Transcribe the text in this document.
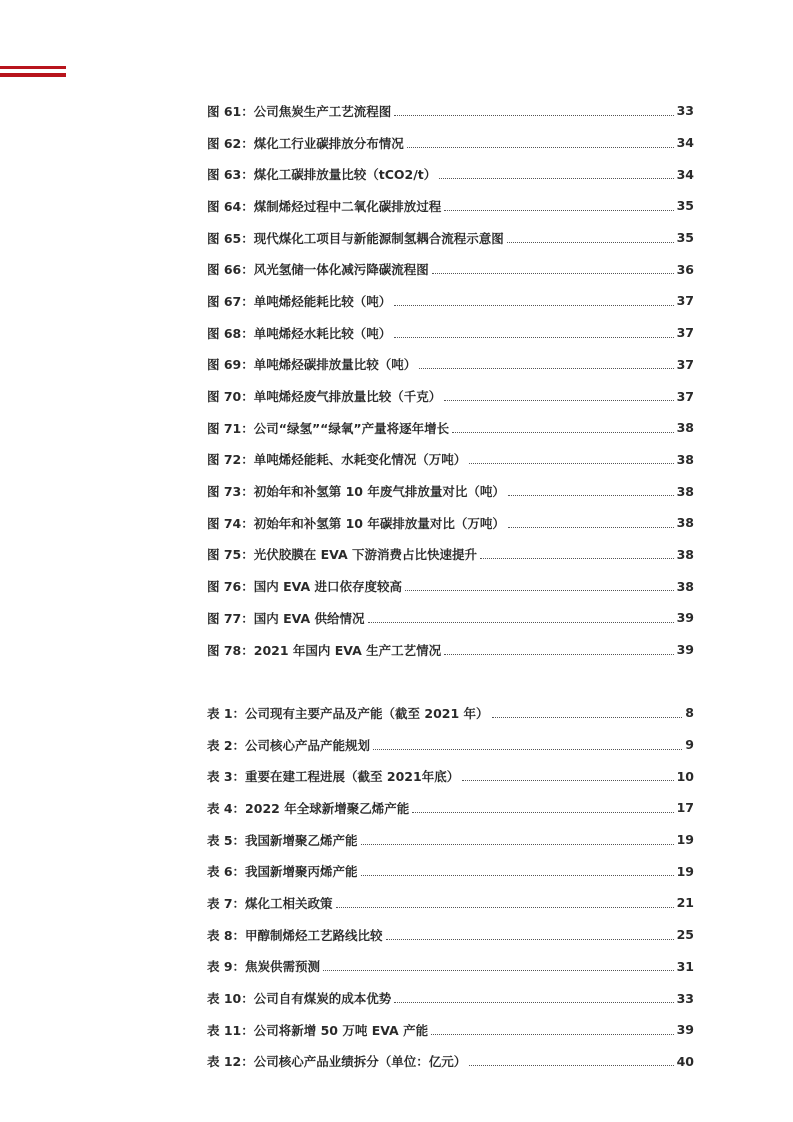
图 61：公司焦炭生产工艺流程图	33
图 62：煤化工行业碳排放分布情况	34
图 63：煤化工碳排放量比较（tCO2/t）	34
图 64：煤制烯烃过程中二氧化碳排放过程	35
图 65：现代煤化工项目与新能源制氢耦合流程示意图	35
图 66：风光氢储一体化减污降碳流程图	36
图 67：单吨烯烃能耗比较（吨）	37
图 68：单吨烯烃水耗比较（吨）	37
图 69：单吨烯烃碳排放量比较（吨）	37
图 70：单吨烯烃废气排放量比较（千克）	37
图 71：公司“绿氢”“绿氧”产量将逐年增长	38
图 72：单吨烯烃能耗、水耗变化情况（万吨）	38
图 73：初始年和补氢第 10 年废气排放量对比（吨）	38
图 74：初始年和补氢第 10 年碳排放量对比（万吨）	38
图 75：光伏胶膜在 EVA 下游消费占比快速提升	38
图 76：国内 EVA 进口依存度较高	38
图 77：国内 EVA 供给情况	39
图 78：2021 年国内 EVA 生产工艺情况	39
表 1：公司现有主要产品及产能（截至 2021 年）	8
表 2：公司核心产品产能规划	9
表 3：重要在建工程进展（截至 2021年底）	10
表 4：2022 年全球新增聚乙烯产能	17
表 5：我国新增聚乙烯产能	19
表 6：我国新增聚丙烯产能	19
表 7：煤化工相关政策	21
表 8：甲醇制烯烃工艺路线比较	25
表 9：焦炭供需预测	31
表 10：公司自有煤炭的成本优势	33
表 11：公司将新增 50 万吨 EVA 产能	39
表 12：公司核心产品业绩拆分（单位：亿元）	40
